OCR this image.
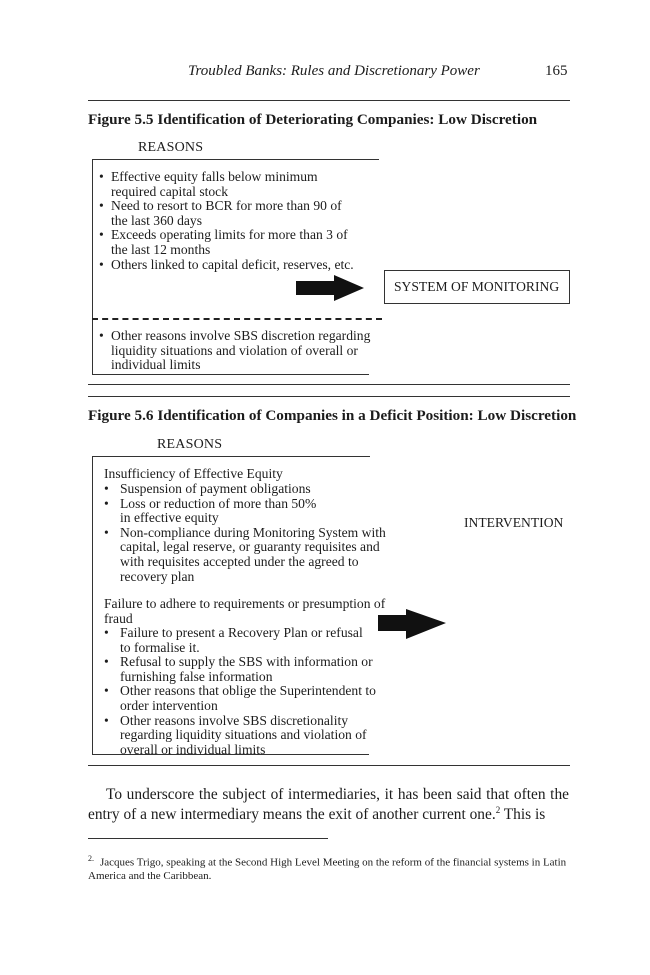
Troubled Banks: Rules and Discretionary Power	165
Figure 5.5 Identification of Deteriorating Companies: Low Discretion
REASONS
• Effective equity falls below minimum required capital stock
• Need to resort to BCR for more than 90 of the last 360 days
• Exceeds operating limits for more than 3 of the last 12 months
• Others linked to capital deficit, reserves, etc.
SYSTEM OF MONITORING
• Other reasons involve SBS discretion regarding liquidity situations and violation of overall or individual limits
Figure 5.6 Identification of Companies in a Deficit Position: Low Discretion
REASONS
Insufficiency of Effective Equity
• Suspension of payment obligations
• Loss or reduction of more than 50% in effective equity
• Non-compliance during Monitoring System with capital, legal reserve, or guaranty requisites and with requisites accepted under the agreed to recovery plan
INTERVENTION
Failure to adhere to requirements or presumption of fraud
• Failure to present a Recovery Plan or refusal to formalise it.
• Refusal to supply the SBS with information or furnishing false information
• Other reasons that oblige the Superintendent to order intervention
• Other reasons involve SBS discretionality regarding liquidity situations and violation of overall or individual limits
To underscore the subject of intermediaries, it has been said that often the entry of a new intermediary means the exit of another current one.$^2$ This is
$^{2.}$ Jacques Trigo, speaking at the Second High Level Meeting on the reform of the financial systems in Latin America and the Caribbean.
